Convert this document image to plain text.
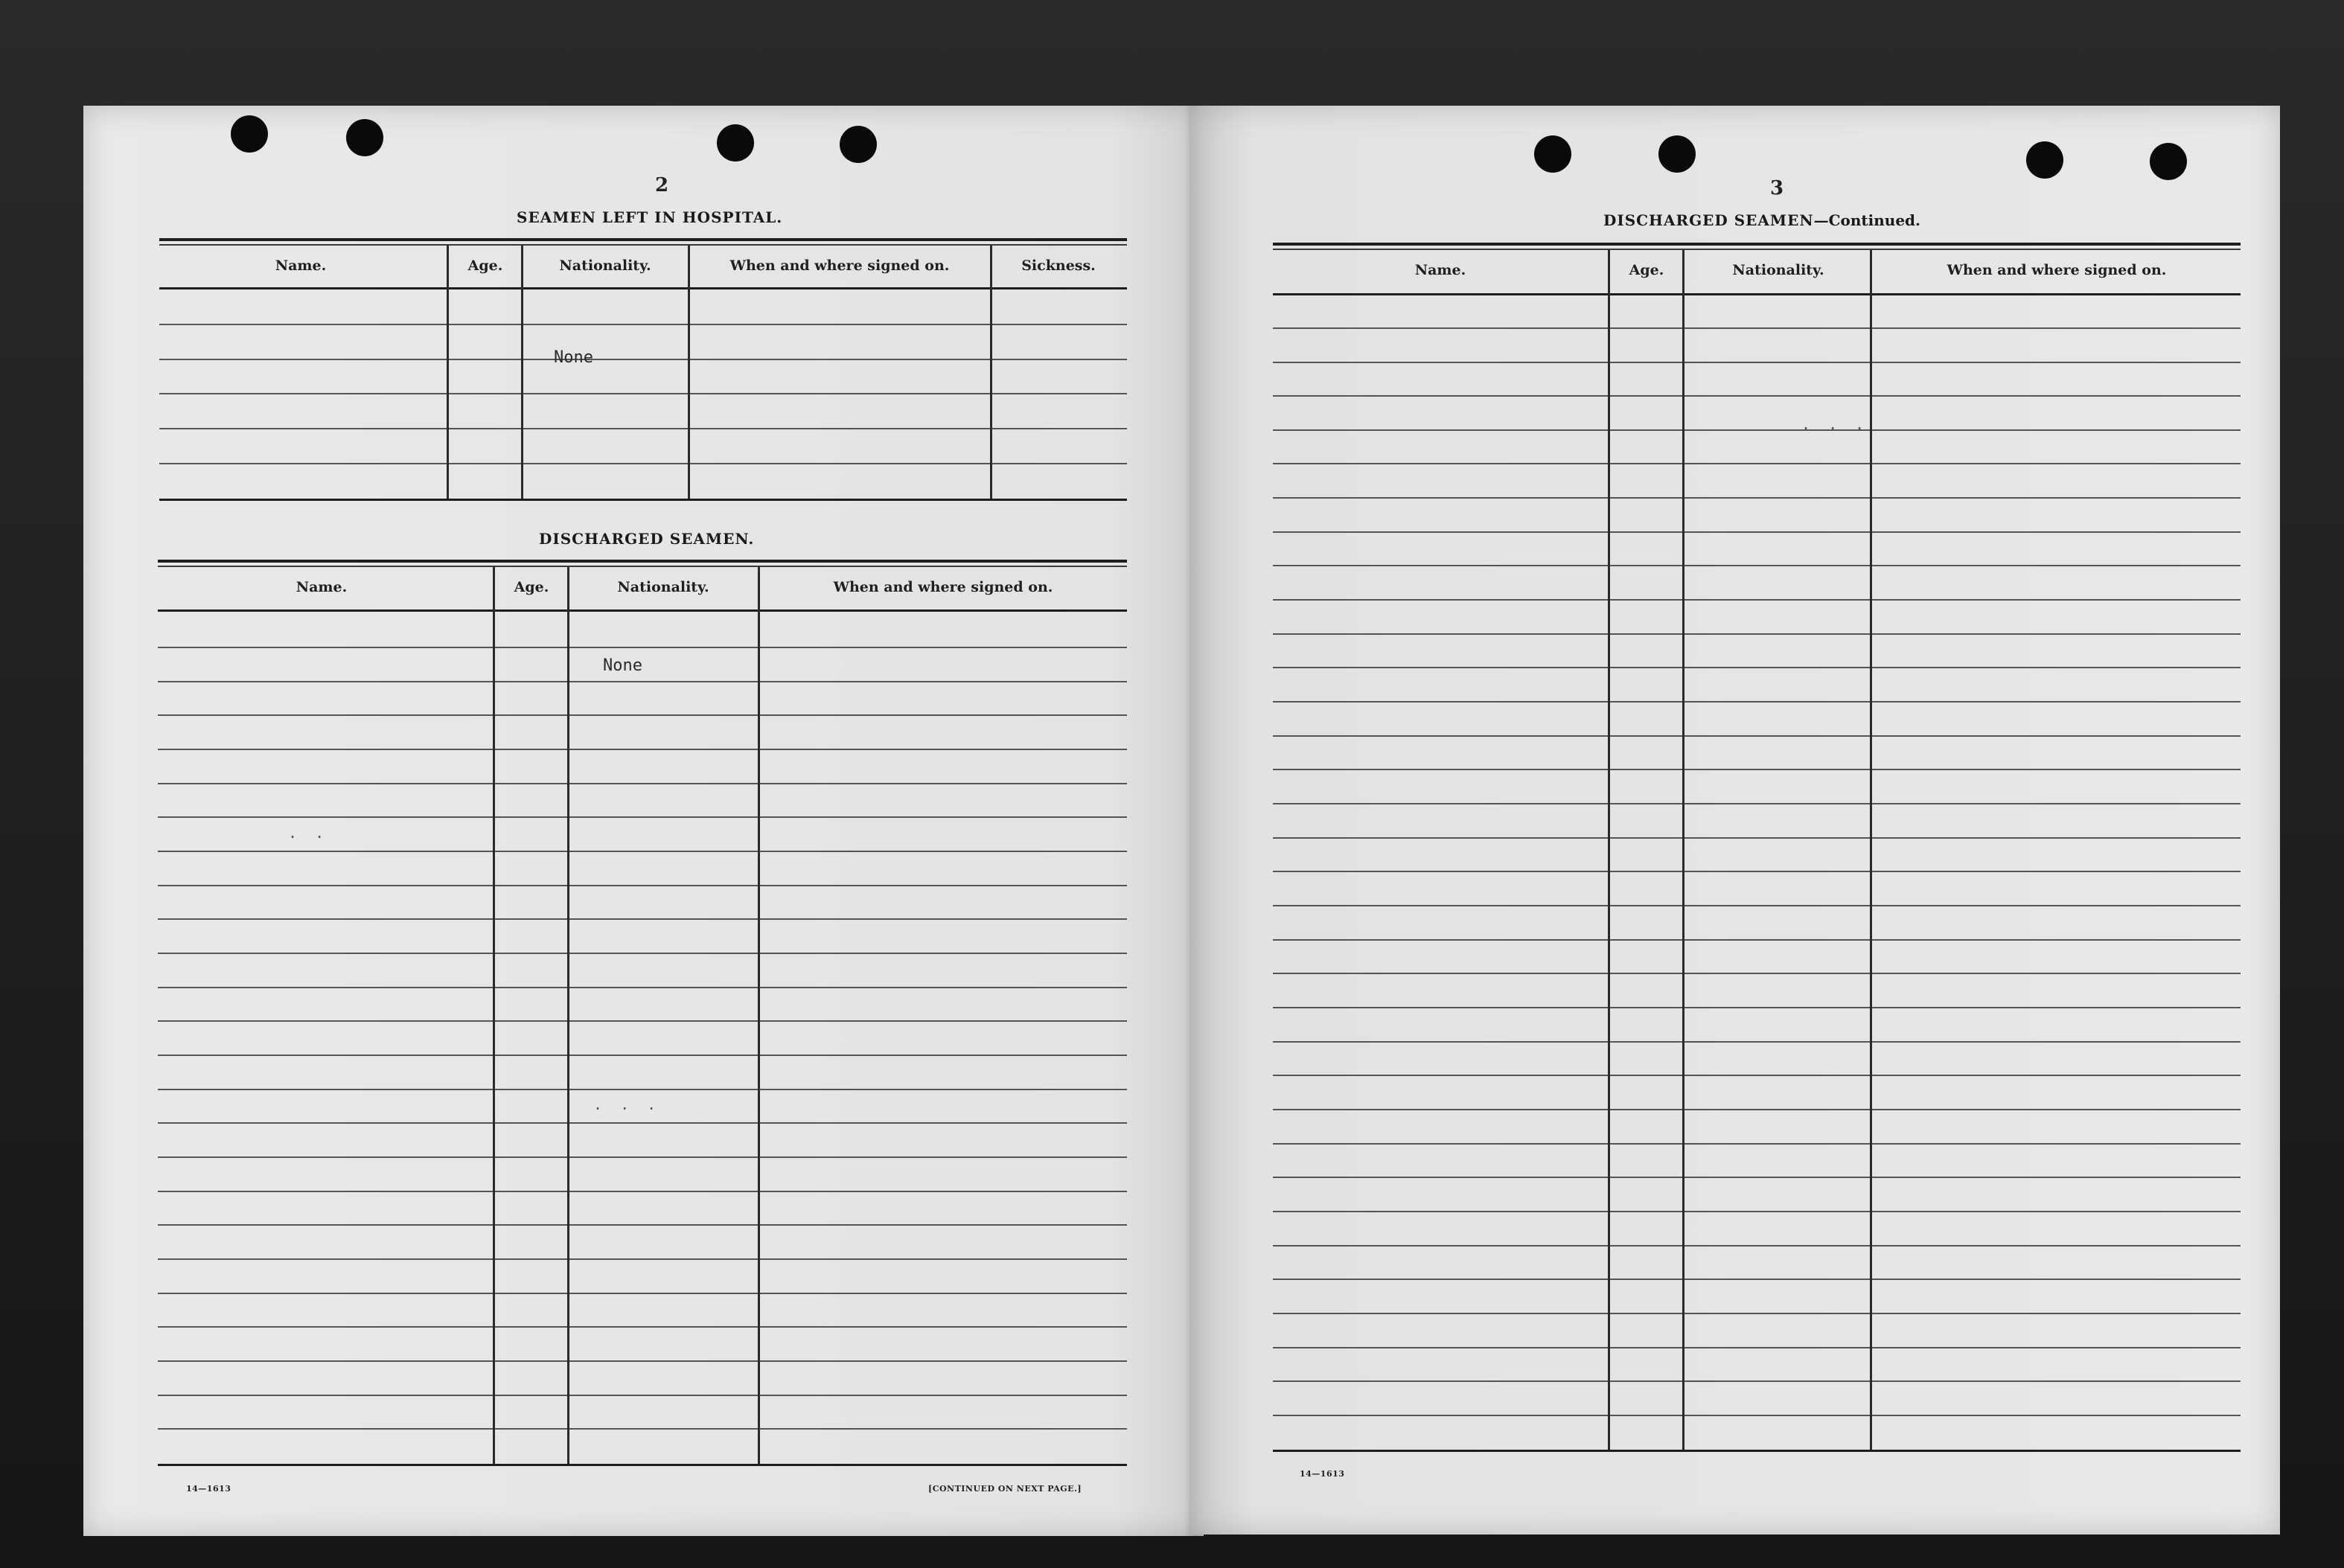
2
SEAMEN LEFT IN HOSPITAL.
Name.	Age.	Nationality.	When and where signed on.	Sickness.
None
DISCHARGED SEAMEN.
Name.	Age.	Nationality.	When and where signed on.
None
. .
. . .
14—1613	[CONTINUED ON NEXT PAGE.]
3
DISCHARGED SEAMEN—Continued.
Name.	Age.	Nationality.	When and where signed on.
. . .
14—1613
